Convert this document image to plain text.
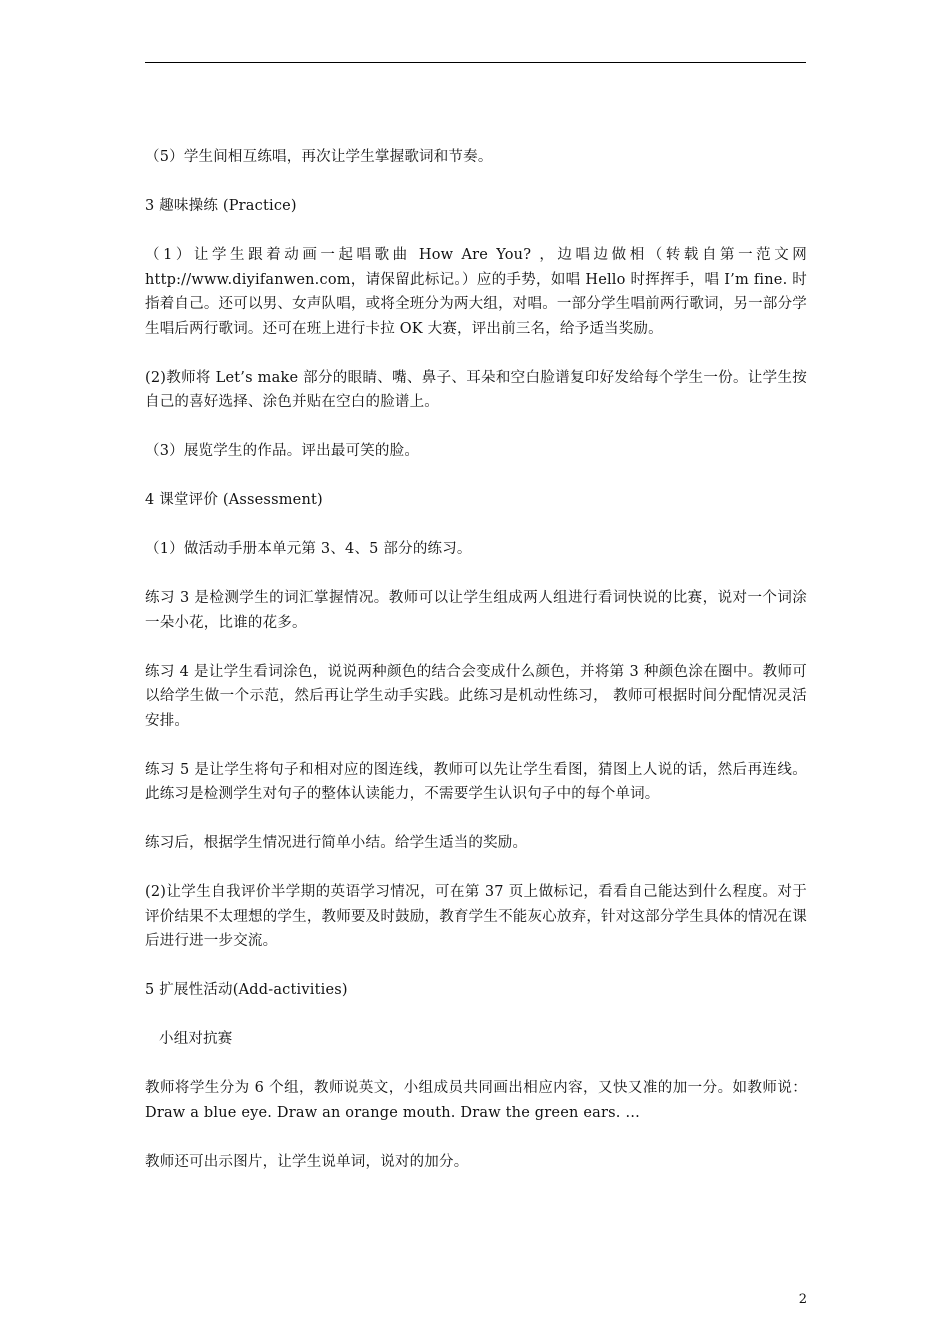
（5）学生间相互练唱，再次让学生掌握歌词和节奏。

3 趣味操练 (Practice)

（1）让学生跟着动画一起唱歌曲 How Are You? ，边唱边做相（转载自第一范文网 http://www.diyifanwen.com，请保留此标记。）应的手势，如唱 Hello 时挥挥手，唱 I’m fine. 时指着自己。还可以男、女声队唱，或将全班分为两大组，对唱。一部分学生唱前两行歌词，另一部分学生唱后两行歌词。还可在班上进行卡拉 OK 大赛，评出前三名，给予适当奖励。

(2)教师将 Let’s make 部分的眼睛、嘴、鼻子、耳朵和空白脸谱复印好发给每个学生一份。让学生按自己的喜好选择、涂色并贴在空白的脸谱上。

（3）展览学生的作品。评出最可笑的脸。

4 课堂评价 (Assessment)

（1）做活动手册本单元第 3、4、5 部分的练习。

练习 3 是检测学生的词汇掌握情况。教师可以让学生组成两人组进行看词快说的比赛，说对一个词涂一朵小花，比谁的花多。

练习 4 是让学生看词涂色，说说两种颜色的结合会变成什么颜色，并将第 3 种颜色涂在圈中。教师可以给学生做一个示范，然后再让学生动手实践。此练习是机动性练习， 教师可根据时间分配情况灵活安排。

练习 5 是让学生将句子和相对应的图连线，教师可以先让学生看图，猜图上人说的话，然后再连线。此练习是检测学生对句子的整体认读能力，不需要学生认识句子中的每个单词。

练习后，根据学生情况进行简单小结。给学生适当的奖励。

(2)让学生自我评价半学期的英语学习情况，可在第 37 页上做标记，看看自己能达到什么程度。对于评价结果不太理想的学生，教师要及时鼓励，教育学生不能灰心放弃，针对这部分学生具体的情况在课后进行进一步交流。

5 扩展性活动(Add-activities)

小组对抗赛

教师将学生分为 6 个组，教师说英文，小组成员共同画出相应内容，又快又准的加一分。如教师说：Draw a blue eye. Draw an orange mouth. Draw the green ears. …

教师还可出示图片，让学生说单词，说对的加分。

2
